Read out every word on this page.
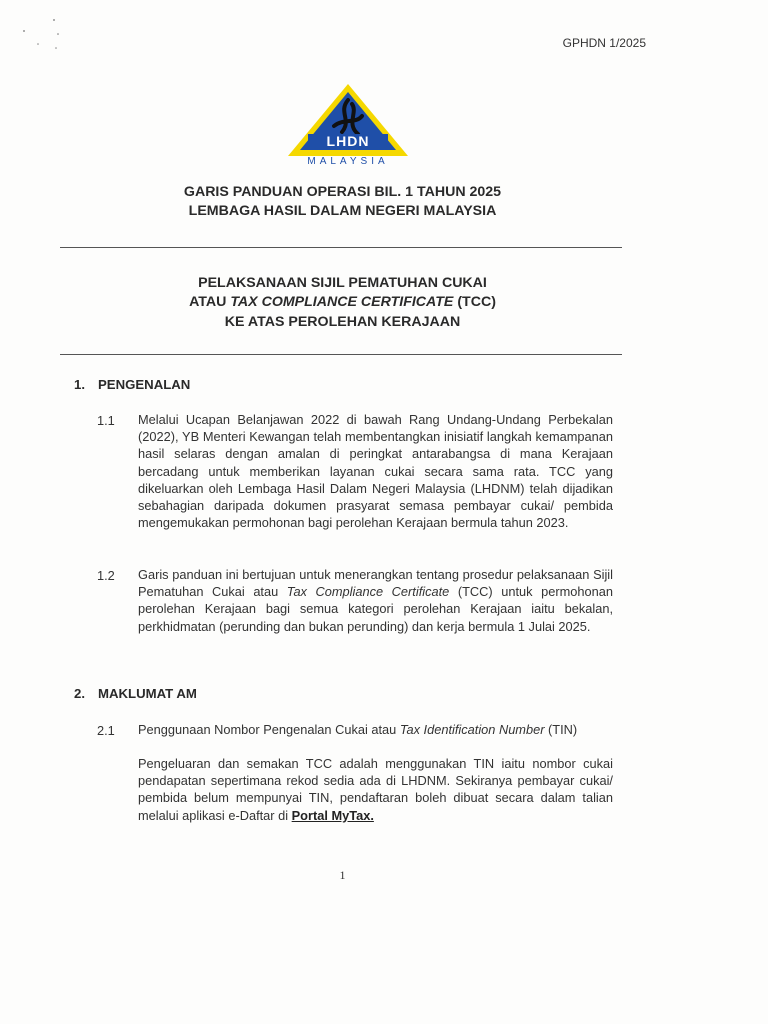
GPHDN 1/2025
LHDN
MALAYSIA
GARIS PANDUAN OPERASI BIL. 1 TAHUN 2025
LEMBAGA HASIL DALAM NEGERI MALAYSIA
PELAKSANAAN SIJIL PEMATUHAN CUKAI
ATAU TAX COMPLIANCE CERTIFICATE (TCC)
KE ATAS PEROLEHAN KERAJAAN
1. PENGENALAN
1.1 Melalui Ucapan Belanjawan 2022 di bawah Rang Undang-Undang Perbekalan (2022), YB Menteri Kewangan telah membentangkan inisiatif langkah kemampanan hasil selaras dengan amalan di peringkat antarabangsa di mana Kerajaan bercadang untuk memberikan layanan cukai secara sama rata. TCC yang dikeluarkan oleh Lembaga Hasil Dalam Negeri Malaysia (LHDNM) telah dijadikan sebahagian daripada dokumen prasyarat semasa pembayar cukai/ pembida mengemukakan permohonan bagi perolehan Kerajaan bermula tahun 2023.

1.2 Garis panduan ini bertujuan untuk menerangkan tentang prosedur pelaksanaan Sijil Pematuhan Cukai atau Tax Compliance Certificate (TCC) untuk permohonan perolehan Kerajaan bagi semua kategori perolehan Kerajaan iaitu bekalan, perkhidmatan (perunding dan bukan perunding) dan kerja bermula 1 Julai 2025.

2. MAKLUMAT AM
2.1 Penggunaan Nombor Pengenalan Cukai atau Tax Identification Number (TIN)

Pengeluaran dan semakan TCC adalah menggunakan TIN iaitu nombor cukai pendapatan sepertimana rekod sedia ada di LHDNM. Sekiranya pembayar cukai/ pembida belum mempunyai TIN, pendaftaran boleh dibuat secara dalam talian melalui aplikasi e-Daftar di Portal MyTax.

1
